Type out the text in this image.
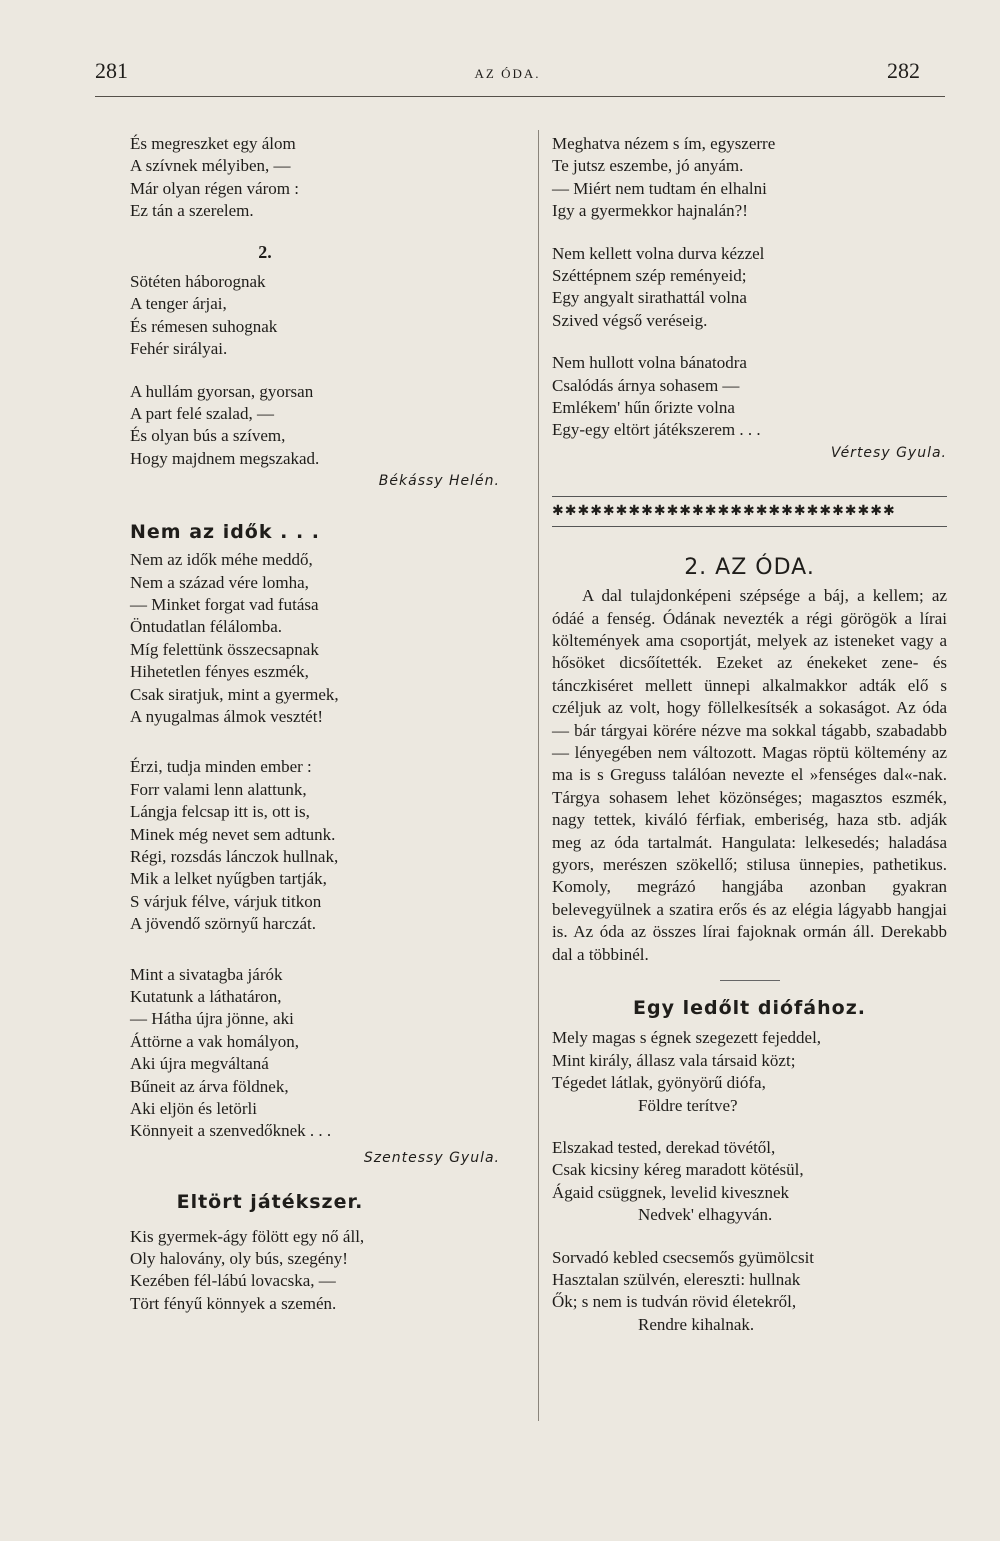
281	AZ ÓDA.	282
És megreszket egy álom
A szívnek mélyiben, —
Már olyan régen várom :
Ez tán a szerelem.
2.
Sötéten háborognak
A tenger árjai,
És rémesen suhognak
Fehér sirályai.
A hullám gyorsan, gyorsan
A part felé szalad, —
És olyan bús a szívem,
Hogy majdnem megszakad.
Békássy Helén.
Nem az idők . . .
Nem az idők méhe meddő,
Nem a század vére lomha,
— Minket forgat vad futása
Öntudatlan félálomba.
Míg felettünk összecsapnak
Hihetetlen fényes eszmék,
Csak siratjuk, mint a gyermek,
A nyugalmas álmok vesztét!
Érzi, tudja minden ember :
Forr valami lenn alattunk,
Lángja felcsap itt is, ott is,
Minek még nevet sem adtunk.
Régi, rozsdás lánczok hullnak,
Mik a lelket nyűgben tartják,
S várjuk félve, várjuk titkon
A jövendő szörnyű harczát.
Mint a sivatagba járók
Kutatunk a láthatáron,
— Hátha újra jönne, aki
Áttörne a vak homályon,
Aki újra megváltaná
Bűneit az árva földnek,
Aki eljön és letörli
Könnyeit a szenvedőknek . . .
Szentessy Gyula.
Eltört játékszer.
Kis gyermek-ágy fölött egy nő áll,
Oly halovány, oly bús, szegény!
Kezében fél-lábú lovacska, —
Tört fényű könnyek a szemén.
Meghatva nézem s ím, egyszerre
Te jutsz eszembe, jó anyám.
— Miért nem tudtam én elhalni
Igy a gyermekkor hajnalán?!
Nem kellett volna durva kézzel
Széttépnem szép reményeid;
Egy angyalt sirathattál volna
Szived végső veréseig.
Nem hullott volna bánatodra
Csalódás árnya sohasem —
Emlékem' hűn őrizte volna
Egy-egy eltört játékszerem . . .
Vértesy Gyula.
✱✱✱✱✱✱✱✱✱✱✱✱✱✱✱✱✱✱✱✱✱✱✱✱✱✱✱
2. AZ ÓDA.

A dal tulajdonképeni szépsége a báj, a kellem; az ódáé a fenség. Ódának nevezték a régi görögök a lírai költemények ama csoportját, melyek az isteneket vagy a hősöket dicsőítették. Ezeket az énekeket zene- és tánczkiséret mellett ünnepi alkalmakkor adták elő s czéljuk az volt, hogy föllelkesítsék a sokaságot. Az óda — bár tárgyai körére nézve ma sokkal tágabb, szabadabb — lényegében nem változott. Magas röptü költemény az ma is s Greguss találóan nevezte el »fenséges dal«-nak. Tárgya sohasem lehet közönséges; magasztos eszmék, nagy tettek, kiváló férfiak, emberiség, haza stb. adják meg az óda tartalmát. Hangulata: lelkesedés; haladása gyors, merészen szökellő; stilusa ünnepies, pathetikus. Komoly, megrázó hangjába azonban gyakran belevegyülnek a szatira erős és az elégia lágyabb hangjai is. Az óda az összes lírai fajoknak ormán áll. Derekabb dal a többinél.

Egy ledőlt diófához.
Mely magas s égnek szegezett fejeddel,
Mint király, állasz vala társaid közt;
Tégedet látlak, gyönyörű diófa,
Földre terítve?
Elszakad tested, derekad tövétől,
Csak kicsiny kéreg maradott kötésül,
Ágaid csüggnek, levelid kivesznek
Nedvek' elhagyván.
Sorvadó kebled csecsemős gyümölcsit
Hasztalan szülvén, elereszti: hullnak
Ők; s nem is tudván rövid életekről,
Rendre kihalnak.
